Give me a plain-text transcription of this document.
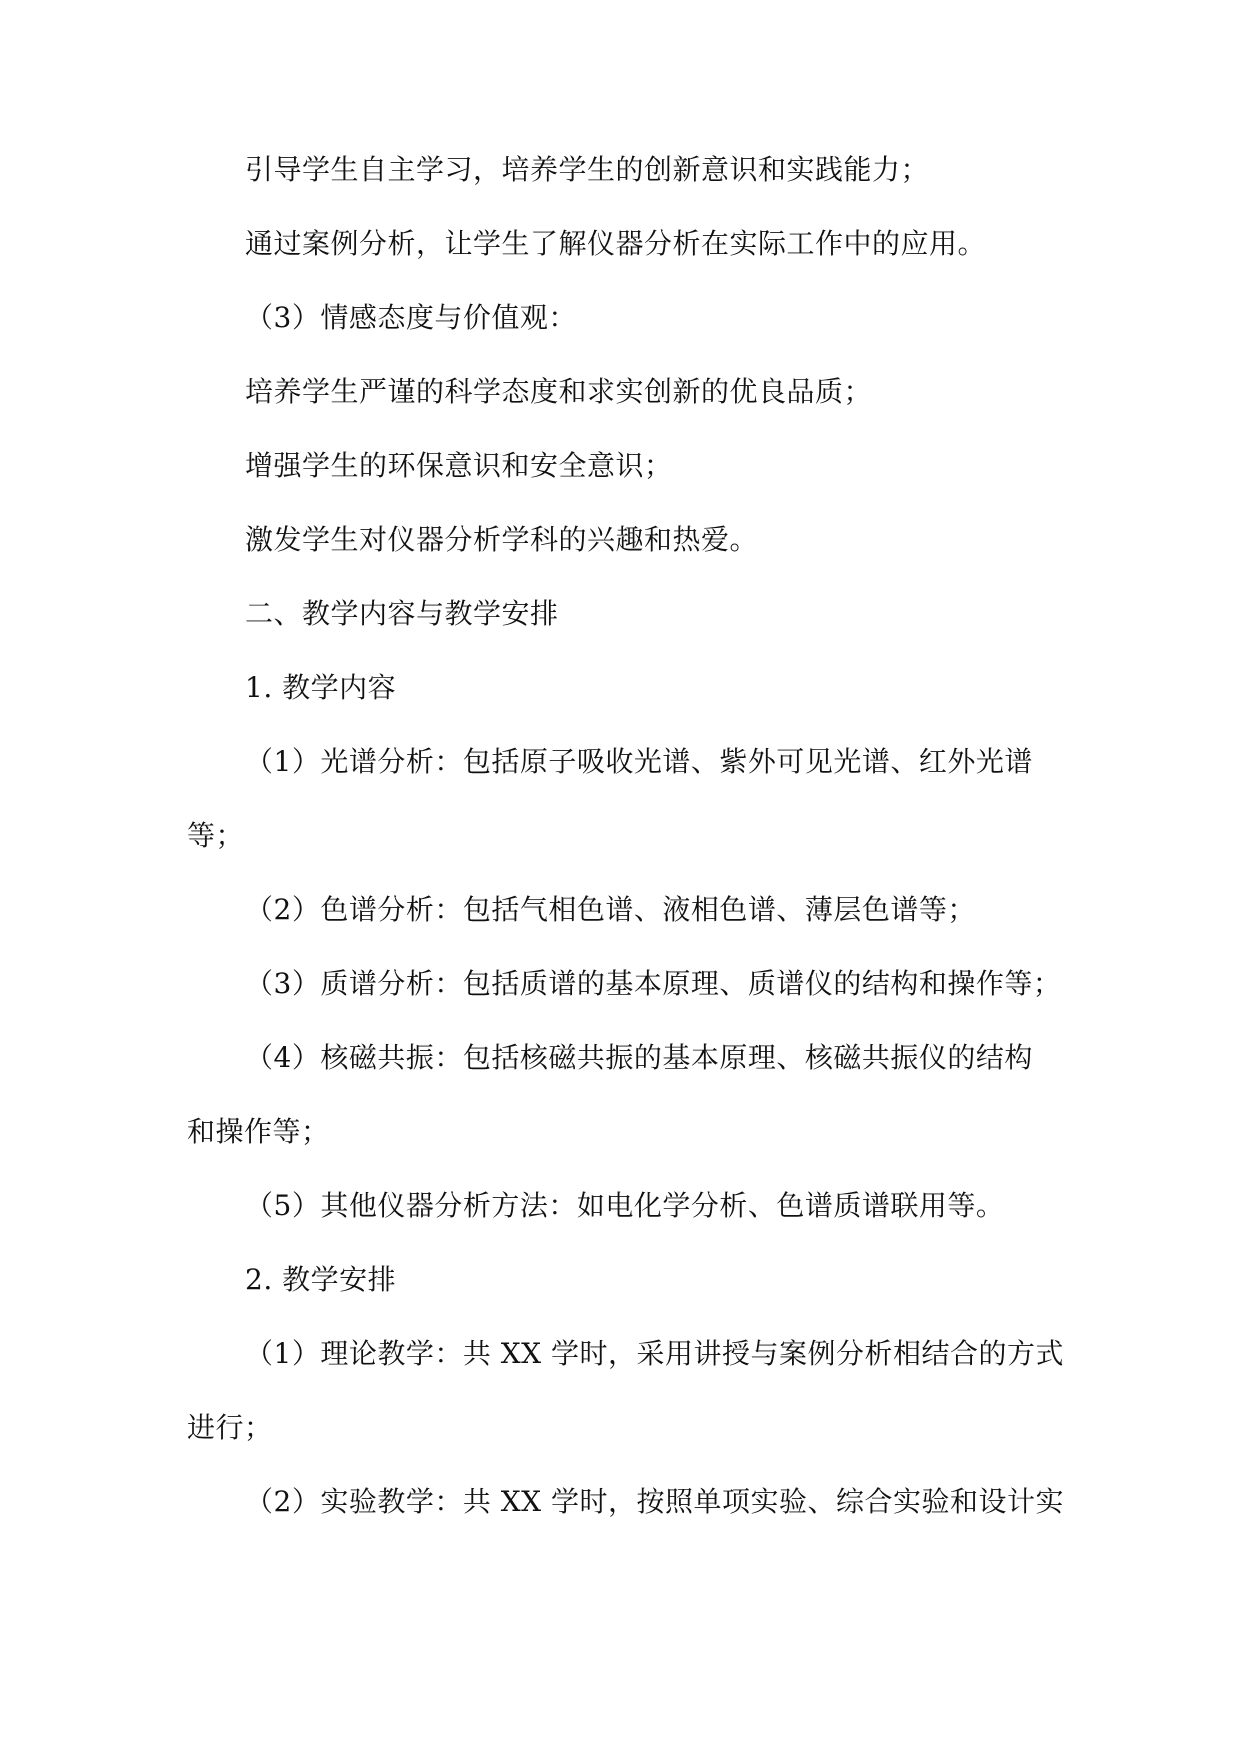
引导学生自主学习，培养学生的创新意识和实践能力；
通过案例分析，让学生了解仪器分析在实际工作中的应用。
（3）情感态度与价值观：
培养学生严谨的科学态度和求实创新的优良品质；
增强学生的环保意识和安全意识；
激发学生对仪器分析学科的兴趣和热爱。
二、教学内容与教学安排
1. 教学内容
（1）光谱分析：包括原子吸收光谱、紫外可见光谱、红外光谱
等；
（2）色谱分析：包括气相色谱、液相色谱、薄层色谱等；
（3）质谱分析：包括质谱的基本原理、质谱仪的结构和操作等；
（4）核磁共振：包括核磁共振的基本原理、核磁共振仪的结构
和操作等；
（5）其他仪器分析方法：如电化学分析、色谱质谱联用等。
2. 教学安排
（1）理论教学：共 XX 学时，采用讲授与案例分析相结合的方式
进行；
（2）实验教学：共 XX 学时，按照单项实验、综合实验和设计实
